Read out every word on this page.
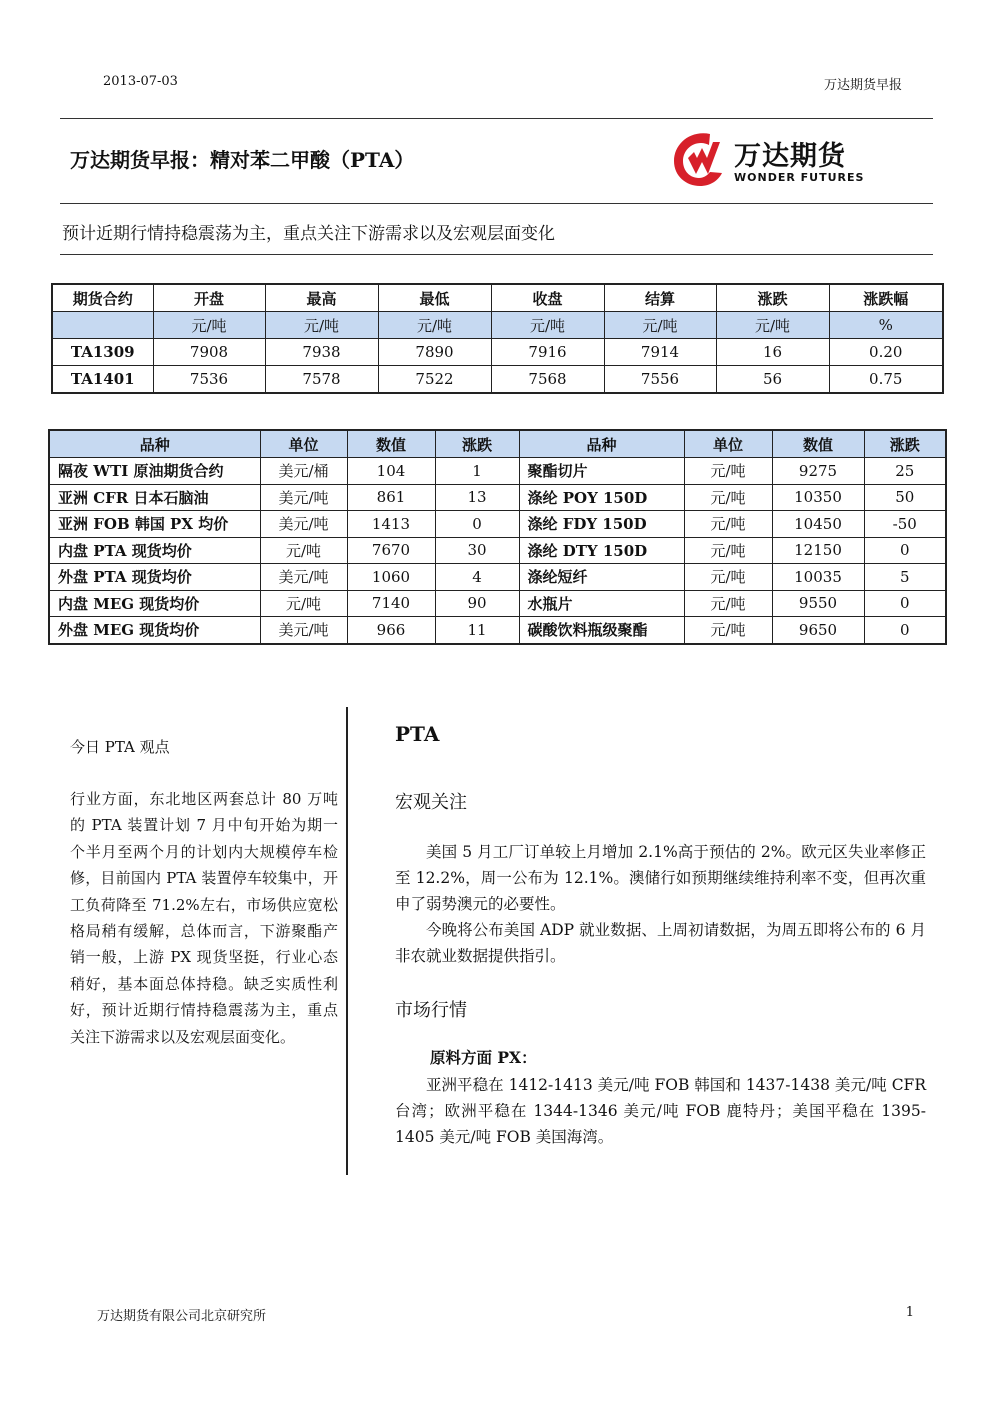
2013-07-03	万达期货早报
万达期货早报：精对苯二甲酸（PTA）	万达期货
WONDER FUTURES
预计近期行情持稳震荡为主，重点关注下游需求以及宏观层面变化
期货合约	开盘	最高	最低	收盘	结算	涨跌	涨跌幅
	元/吨	元/吨	元/吨	元/吨	元/吨	元/吨	%
TA1309	7908	7938	7890	7916	7914	16	0.20
TA1401	7536	7578	7522	7568	7556	56	0.75
品种	单位	数值	涨跌	品种	单位	数值	涨跌
隔夜 WTI 原油期货合约	美元/桶	104	1	聚酯切片	元/吨	9275	25
亚洲 CFR 日本石脑油	美元/吨	861	13	涤纶 POY 150D	元/吨	10350	50
亚洲 FOB 韩国 PX 均价	美元/吨	1413	0	涤纶 FDY 150D	元/吨	10450	-50
内盘 PTA 现货均价	元/吨	7670	30	涤纶 DTY 150D	元/吨	12150	0
外盘 PTA 现货均价	美元/吨	1060	4	涤纶短纤	元/吨	10035	5
内盘 MEG 现货均价	元/吨	7140	90	水瓶片	元/吨	9550	0
外盘 MEG 现货均价	美元/吨	966	11	碳酸饮料瓶级聚酯	元/吨	9650	0
今日 PTA 观点
行业方面，东北地区两套总计 80 万吨的 PTA 装置计划 7 月中旬开始为期一个半月至两个月的计划内大规模停车检修，目前国内 PTA 装置停车较集中，开工负荷降至 71.2%左右，市场供应宽松格局稍有缓解，总体而言，下游聚酯产销一般，上游 PX 现货坚挺，行业心态稍好，基本面总体持稳。缺乏实质性利好，预计近期行情持稳震荡为主，重点关注下游需求以及宏观层面变化。
PTA
宏观关注
美国 5 月工厂订单较上月增加 2.1%高于预估的 2%。欧元区失业率修正至 12.2%，周一公布为 12.1%。澳储行如预期继续维持利率不变，但再次重申了弱势澳元的必要性。
今晚将公布美国 ADP 就业数据、上周初请数据，为周五即将公布的 6 月非农就业数据提供指引。
市场行情
原料方面 PX：
亚洲平稳在 1412-1413 美元/吨 FOB 韩国和 1437-1438 美元/吨 CFR 台湾；欧洲平稳在 1344-1346 美元/吨 FOB 鹿特丹；美国平稳在 1395-1405 美元/吨 FOB 美国海湾。
万达期货有限公司北京研究所	1
